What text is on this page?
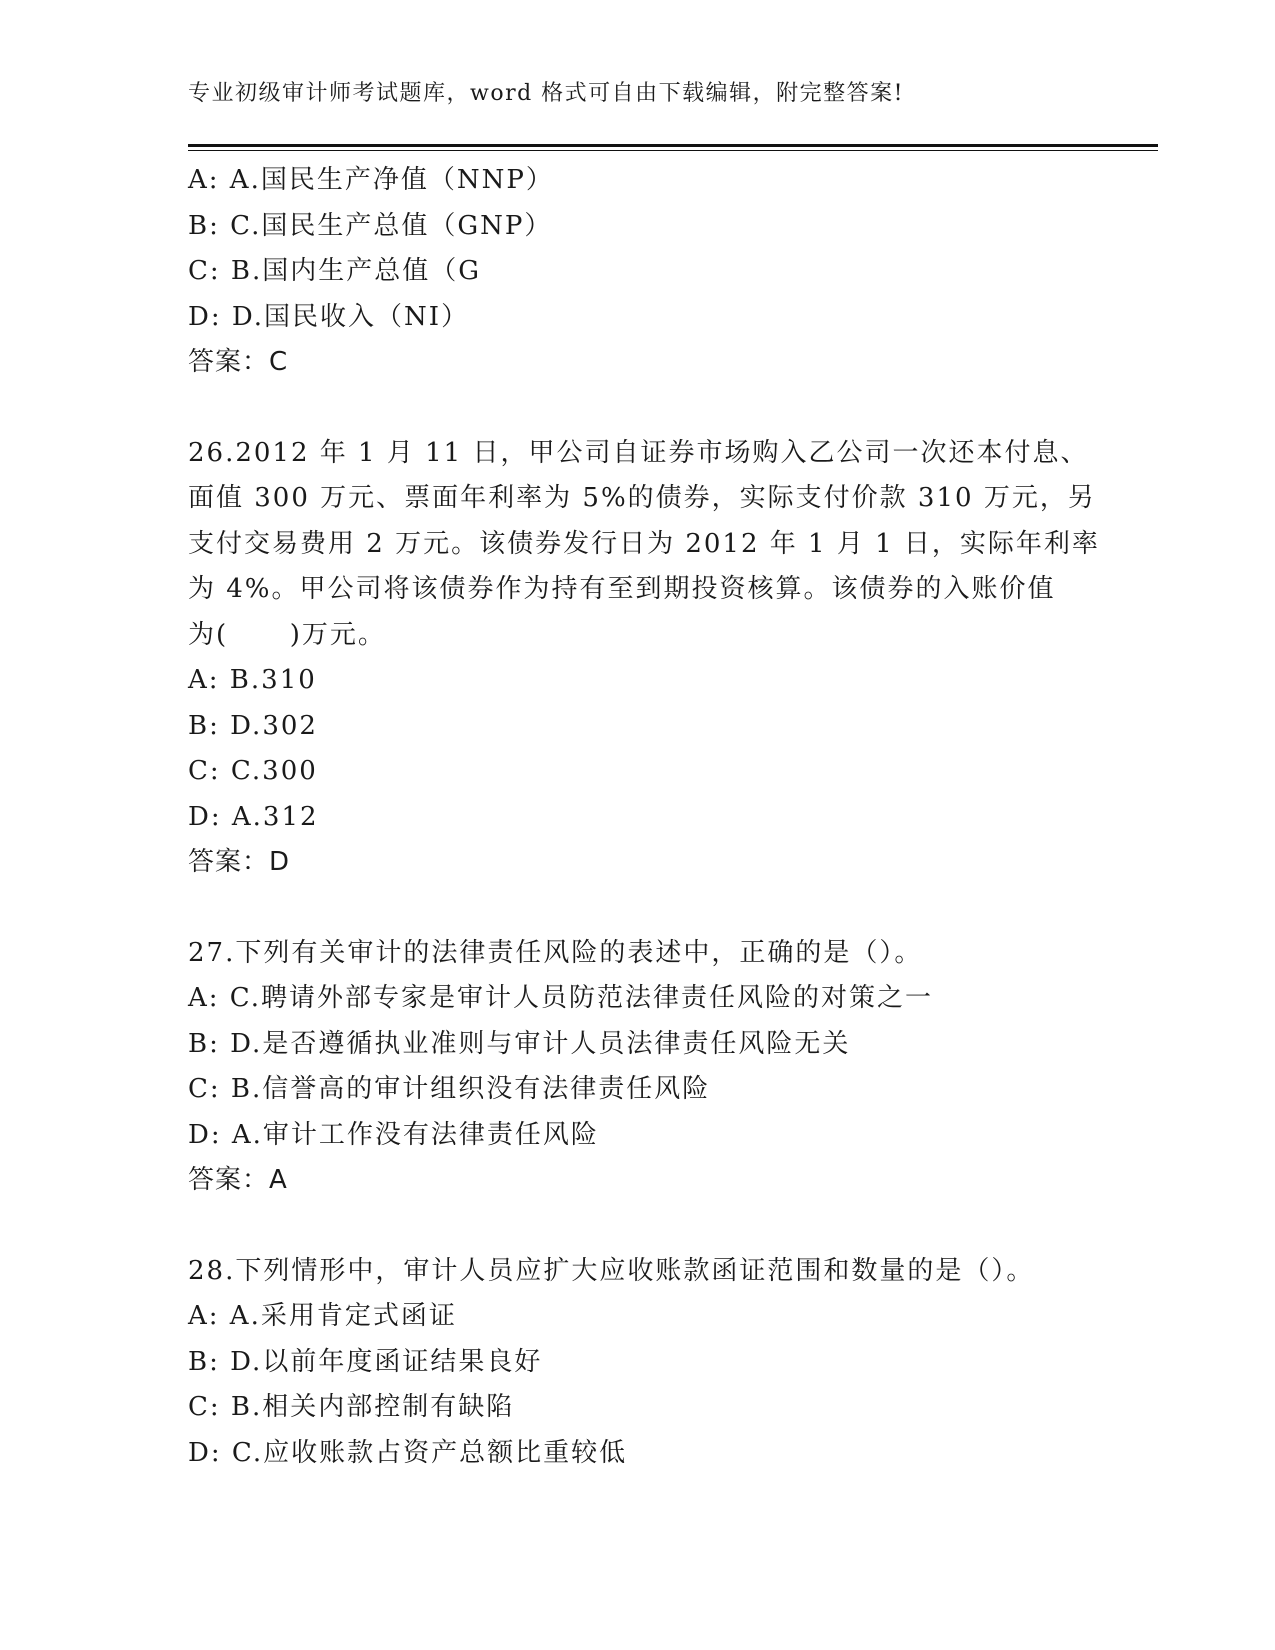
专业初级审计师考试题库，word 格式可自由下载编辑，附完整答案!
A: A.国民生产净值（NNP）
B: C.国民生产总值（GNP）
C: B.国内生产总值（G
D: D.国民收入（NI）
答案：C
26.2012 年 1 月 11 日，甲公司自证券市场购入乙公司一次还本付息、
面值 300 万元、票面年利率为 5%的债券，实际支付价款 310 万元，另
支付交易费用 2 万元。该债券发行日为 2012 年 1 月 1 日，实际年利率
为 4%。甲公司将该债券作为持有至到期投资核算。该债券的入账价值
为(      )万元。
A: B.310
B: D.302
C: C.300
D: A.312
答案：D
27.下列有关审计的法律责任风险的表述中，正确的是（）。
A: C.聘请外部专家是审计人员防范法律责任风险的对策之一
B: D.是否遵循执业准则与审计人员法律责任风险无关
C: B.信誉高的审计组织没有法律责任风险
D: A.审计工作没有法律责任风险
答案：A
28.下列情形中，审计人员应扩大应收账款函证范围和数量的是（）。
A: A.采用肯定式函证
B: D.以前年度函证结果良好
C: B.相关内部控制有缺陷
D: C.应收账款占资产总额比重较低
